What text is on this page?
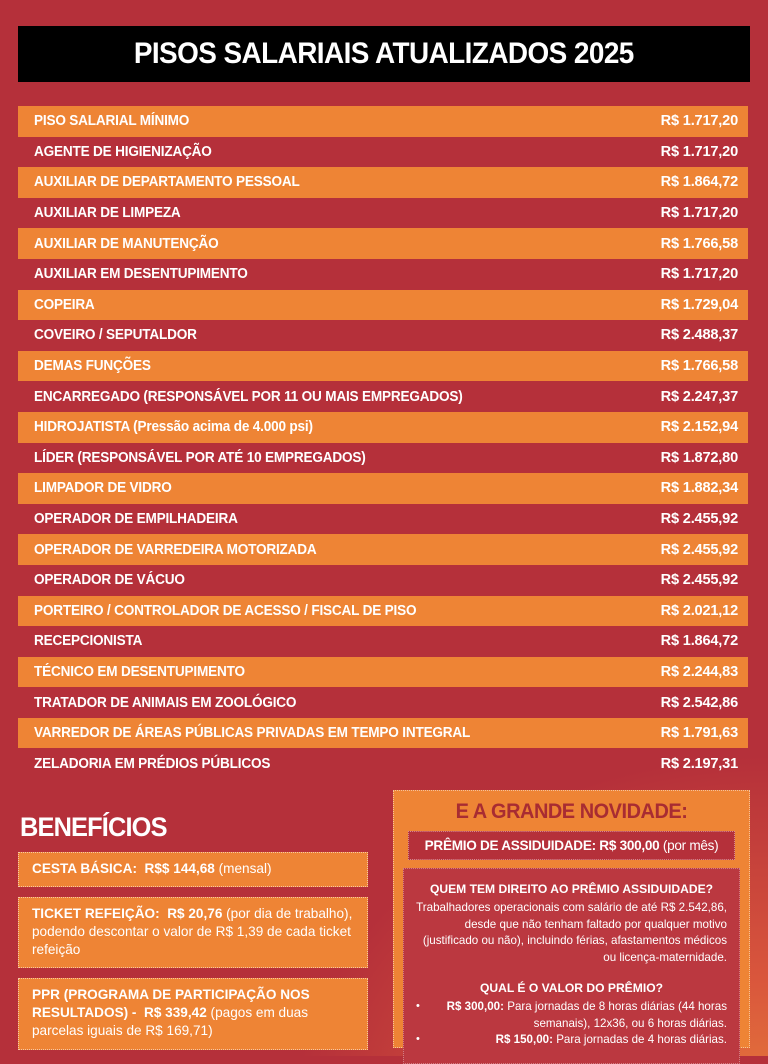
PISOS SALARIAIS ATUALIZADOS 2025
PISO SALARIAL MÍNIMO	R$ 1.717,20
AGENTE DE HIGIENIZAÇÃO	R$ 1.717,20
AUXILIAR DE DEPARTAMENTO PESSOAL	R$ 1.864,72
AUXILIAR DE LIMPEZA	R$ 1.717,20
AUXILIAR DE MANUTENÇÃO	R$ 1.766,58
AUXILIAR EM DESENTUPIMENTO	R$ 1.717,20
COPEIRA	R$ 1.729,04
COVEIRO / SEPUTALDOR	R$ 2.488,37
DEMAS FUNÇÕES	R$ 1.766,58
ENCARREGADO (RESPONSÁVEL POR 11 OU MAIS EMPREGADOS)	R$ 2.247,37
HIDROJATISTA (Pressão acima de 4.000 psi)	R$ 2.152,94
LÍDER (RESPONSÁVEL POR ATÉ 10 EMPREGADOS)	R$ 1.872,80
LIMPADOR DE VIDRO	R$ 1.882,34
OPERADOR DE EMPILHADEIRA	R$ 2.455,92
OPERADOR DE VARREDEIRA MOTORIZADA	R$ 2.455,92
OPERADOR DE VÁCUO	R$ 2.455,92
PORTEIRO / CONTROLADOR DE ACESSO / FISCAL DE PISO	R$ 2.021,12
RECEPCIONISTA	R$ 1.864,72
TÉCNICO EM DESENTUPIMENTO	R$ 2.244,83
TRATADOR DE ANIMAIS EM ZOOLÓGICO	R$ 2.542,86
VARREDOR DE ÁREAS PÚBLICAS PRIVADAS EM TEMPO INTEGRAL	R$ 1.791,63
ZELADORIA EM PRÉDIOS PÚBLICOS	R$ 2.197,31
BENEFÍCIOS
CESTA BÁSICA: R$$ 144,68 (mensal)
TICKET REFEIÇÃO: R$ 20,76 (por dia de trabalho), podendo descontar o valor de R$ 1,39 de cada ticket refeição
PPR (PROGRAMA DE PARTICIPAÇÃO NOS RESULTADOS) - R$ 339,42 (pagos em duas parcelas iguais de R$ 169,71)
E A GRANDE NOVIDADE:
PRÊMIO DE ASSIDUIDADE: R$ 300,00 (por mês)
QUEM TEM DIREITO AO PRÊMIO ASSIDUIDADE?
Trabalhadores operacionais com salário de até R$ 2.542,86, desde que não tenham faltado por qualquer motivo (justificado ou não), incluindo férias, afastamentos médicos ou licença-maternidade.
QUAL É O VALOR DO PRÊMIO?
•	R$ 300,00: Para jornadas de 8 horas diárias (44 horas semanais), 12x36, ou 6 horas diárias.
•	R$ 150,00: Para jornadas de 4 horas diárias.
